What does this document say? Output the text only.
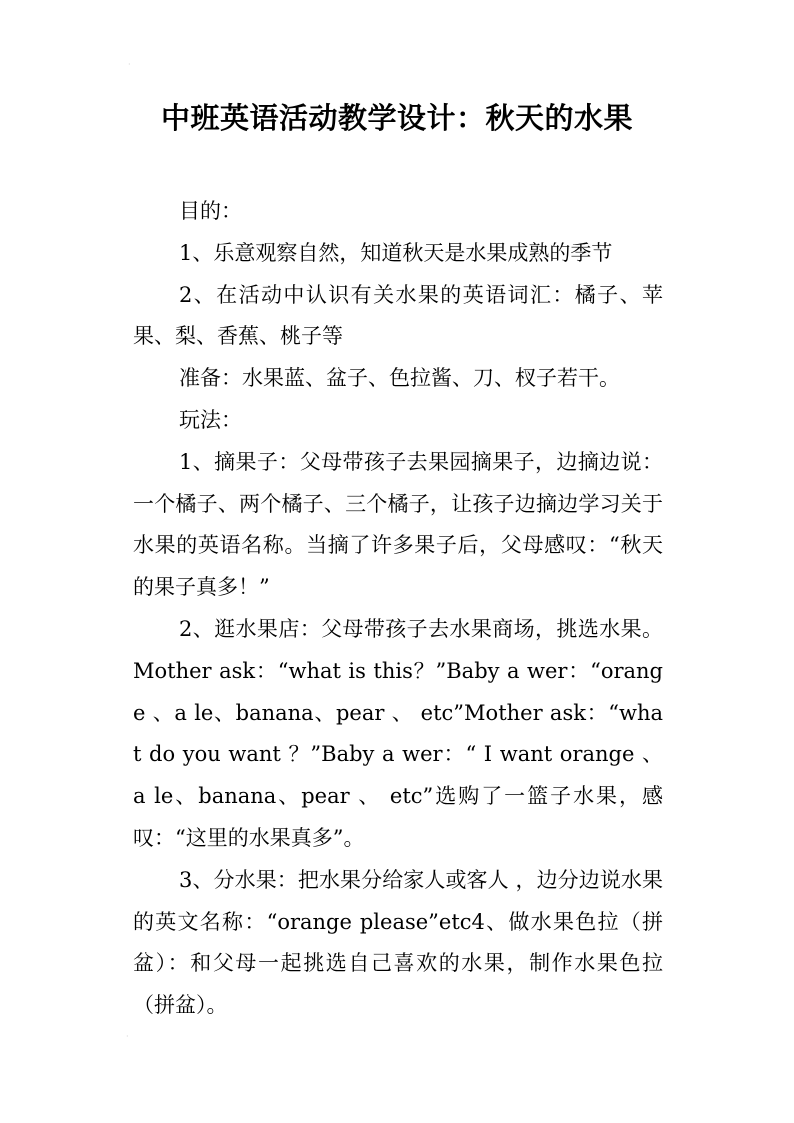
·
·
中班英语活动教学设计：秋天的水果

目的：

1、乐意观察自然，知道秋天是水果成熟的季节

2、在活动中认识有关水果的英语词汇：橘子、苹果、梨、香蕉、桃子等

准备：水果蓝、盆子、色拉酱、刀、杈子若干。

玩法：

1、摘果子：父母带孩子去果园摘果子，边摘边说：一个橘子、两个橘子、三个橘子，让孩子边摘边学习关于水果的英语名称。当摘了许多果子后，父母感叹：“秋天的果子真多！”

2、逛水果店：父母带孩子去水果商场，挑选水果。Mother ask：“what is this？”Baby a wer：“orange 、a le、banana、pear 、 etc”Mother ask：“what do you want ？”Baby a wer：“ I want orange 、a le、banana、pear 、 etc”选购了一篮子水果，感叹：“这里的水果真多”。

3、分水果：把水果分给家人或客人 ，边分边说水果的英文名称：“orange please”etc4、做水果色拉（拼盆）：和父母一起挑选自己喜欢的水果，制作水果色拉（拼盆）。
